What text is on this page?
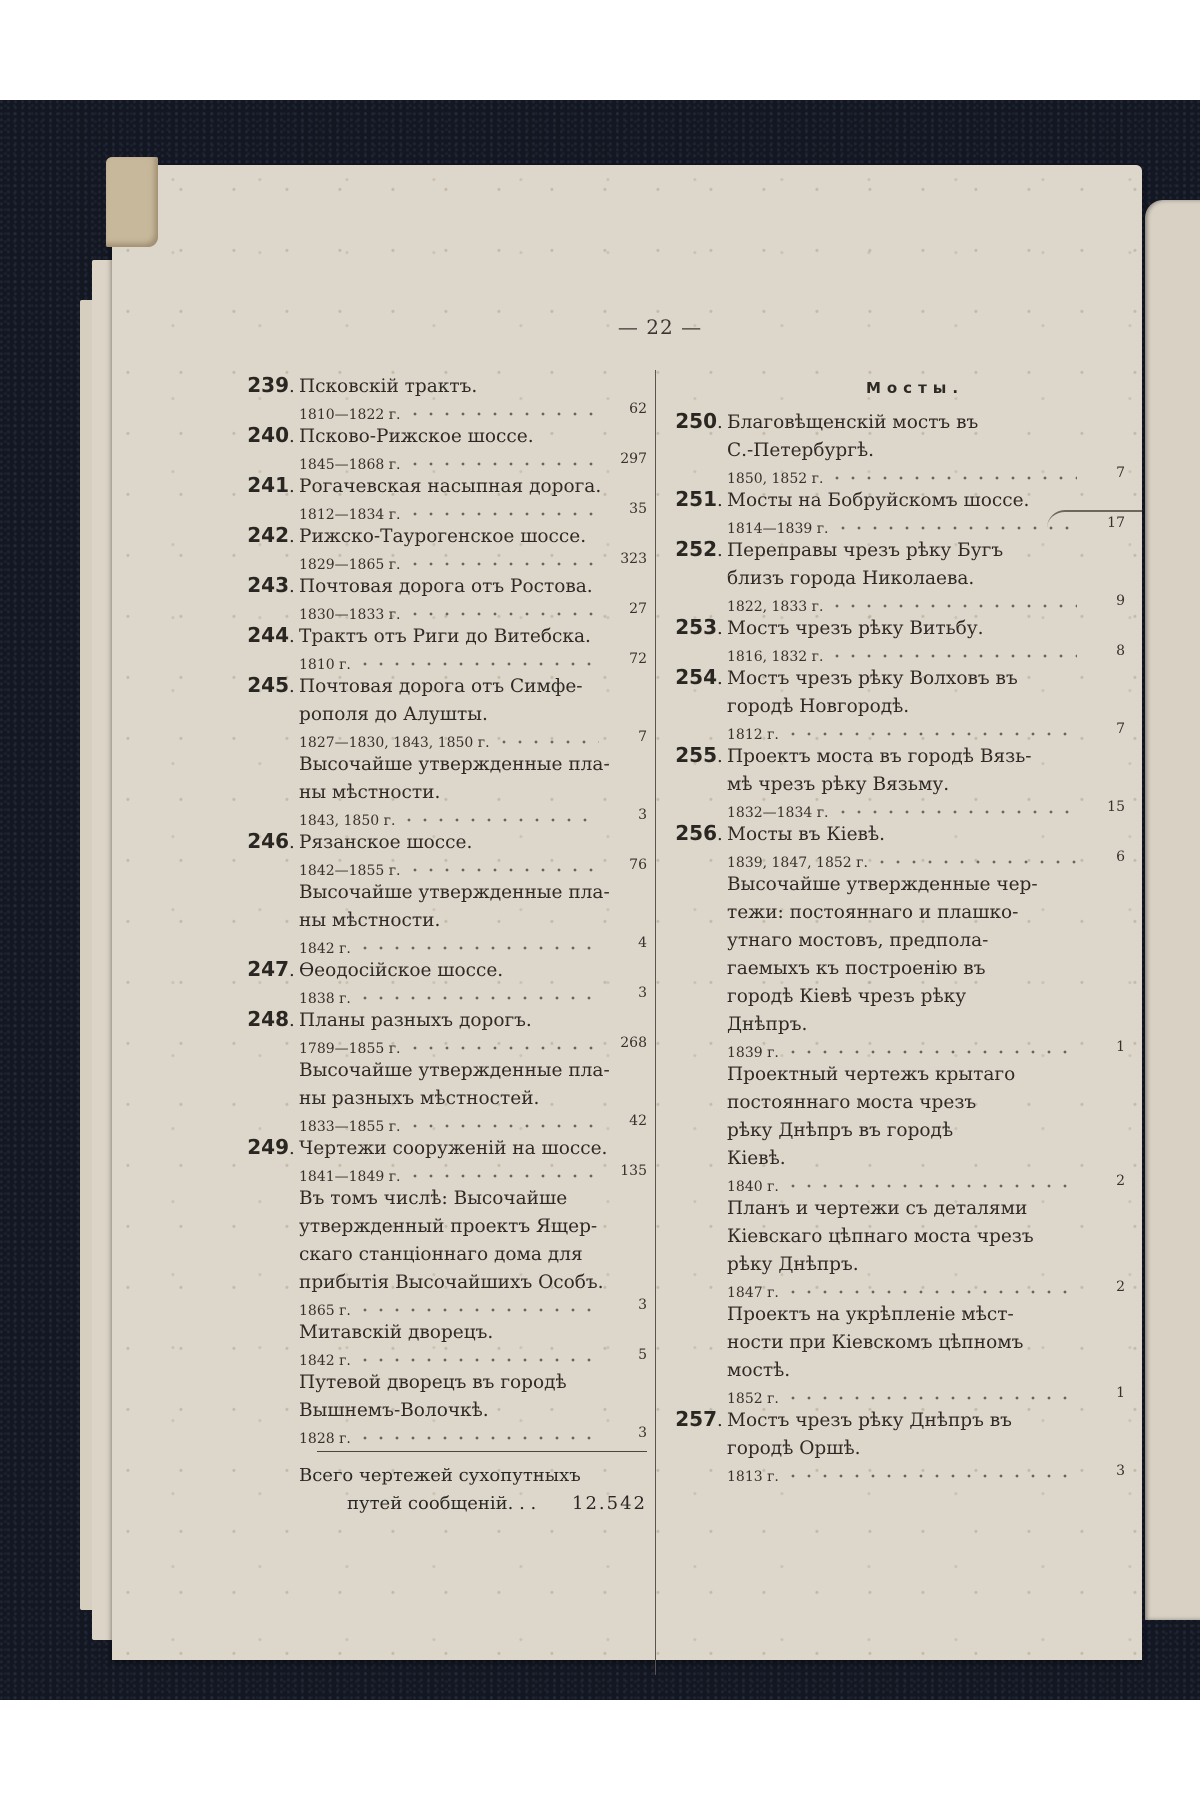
— 22 —
239 . Псковскій трактъ.
1810—1822 г.	62
240 . Псково-Рижское шоссе.
1845—1868 г.	297
241 . Рогачевская насыпная дорога.
1812—1834 г.	35
242 . Рижско-Таурогенское шоссе.
1829—1865 г.	323
243 . Почтовая дорога отъ Ростова.
1830—1833 г.	27
244 . Трактъ отъ Риги до Витебска.
1810 г.	72
245 . Почтовая дорога отъ Симфе-
рополя до Алушты.
1827—1830, 1843, 1850 г.	7
Высочайше утвержденные пла-
ны мѣстности.
1843, 1850 г.	3
246 . Рязанское шоссе.
1842—1855 г.	76
Высочайше утвержденные пла-
ны мѣстности.
1842 г.	4
247 . Өеодосійское шоссе.
1838 г.	3
248 . Планы разныхъ дорогъ.
1789—1855 г.	268
Высочайше утвержденные пла-
ны разныхъ мѣстностей.
1833—1855 г.	42
249 . Чертежи сооруженій на шоссе.
1841—1849 г.	135
Въ томъ числѣ: Высочайше
утвержденный проектъ Ящер-
скаго станціоннаго дома для
прибытія Высочайшихъ Особъ.
1865 г.	3
Митавскій дворецъ.
1842 г.	5
Путевой дворецъ въ городѣ
Вышнемъ-Волочкѣ.
1828 г.	3
Всего чертежей сухопутныхъ
путей сообщеній. . . 12.542
Мосты.
250 . Благовѣщенскій мостъ въ
С.-Петербургѣ.
1850, 1852 г.	7
251 . Мосты на Бобруйскомъ шоссе.
1814—1839 г.	17
252 . Переправы чрезъ рѣку Бугъ
близъ города Николаева.
1822, 1833 г.	9
253 . Мостъ чрезъ рѣку Витьбу.
1816, 1832 г.	8
254 . Мостъ чрезъ рѣку Волховъ въ
городѣ Новгородѣ.
1812 г.	7
255 . Проектъ моста въ городѣ Вязь-
мѣ чрезъ рѣку Вязьму.
1832—1834 г.	15
256 . Мосты въ Кіевѣ.
1839, 1847, 1852 г.	6
Высочайше утвержденные чер-
тежи: постояннаго и плашко-
утнаго мостовъ, предпола-
гаемыхъ къ построенію въ
городѣ Кіевѣ чрезъ рѣку
Днѣпръ.
1839 г.	1
Проектный чертежъ крытаго
постояннаго моста чрезъ
рѣку Днѣпръ въ городѣ
Кіевѣ.
1840 г.	2
Планъ и чертежи съ деталями
Кіевскаго цѣпнаго моста чрезъ
рѣку Днѣпръ.
1847 г.	2
Проектъ на укрѣпленіе мѣст-
ности при Кіевскомъ цѣпномъ
мостѣ.
1852 г.	1
257 . Мостъ чрезъ рѣку Днѣпръ въ
городѣ Оршѣ.
1813 г.	3
